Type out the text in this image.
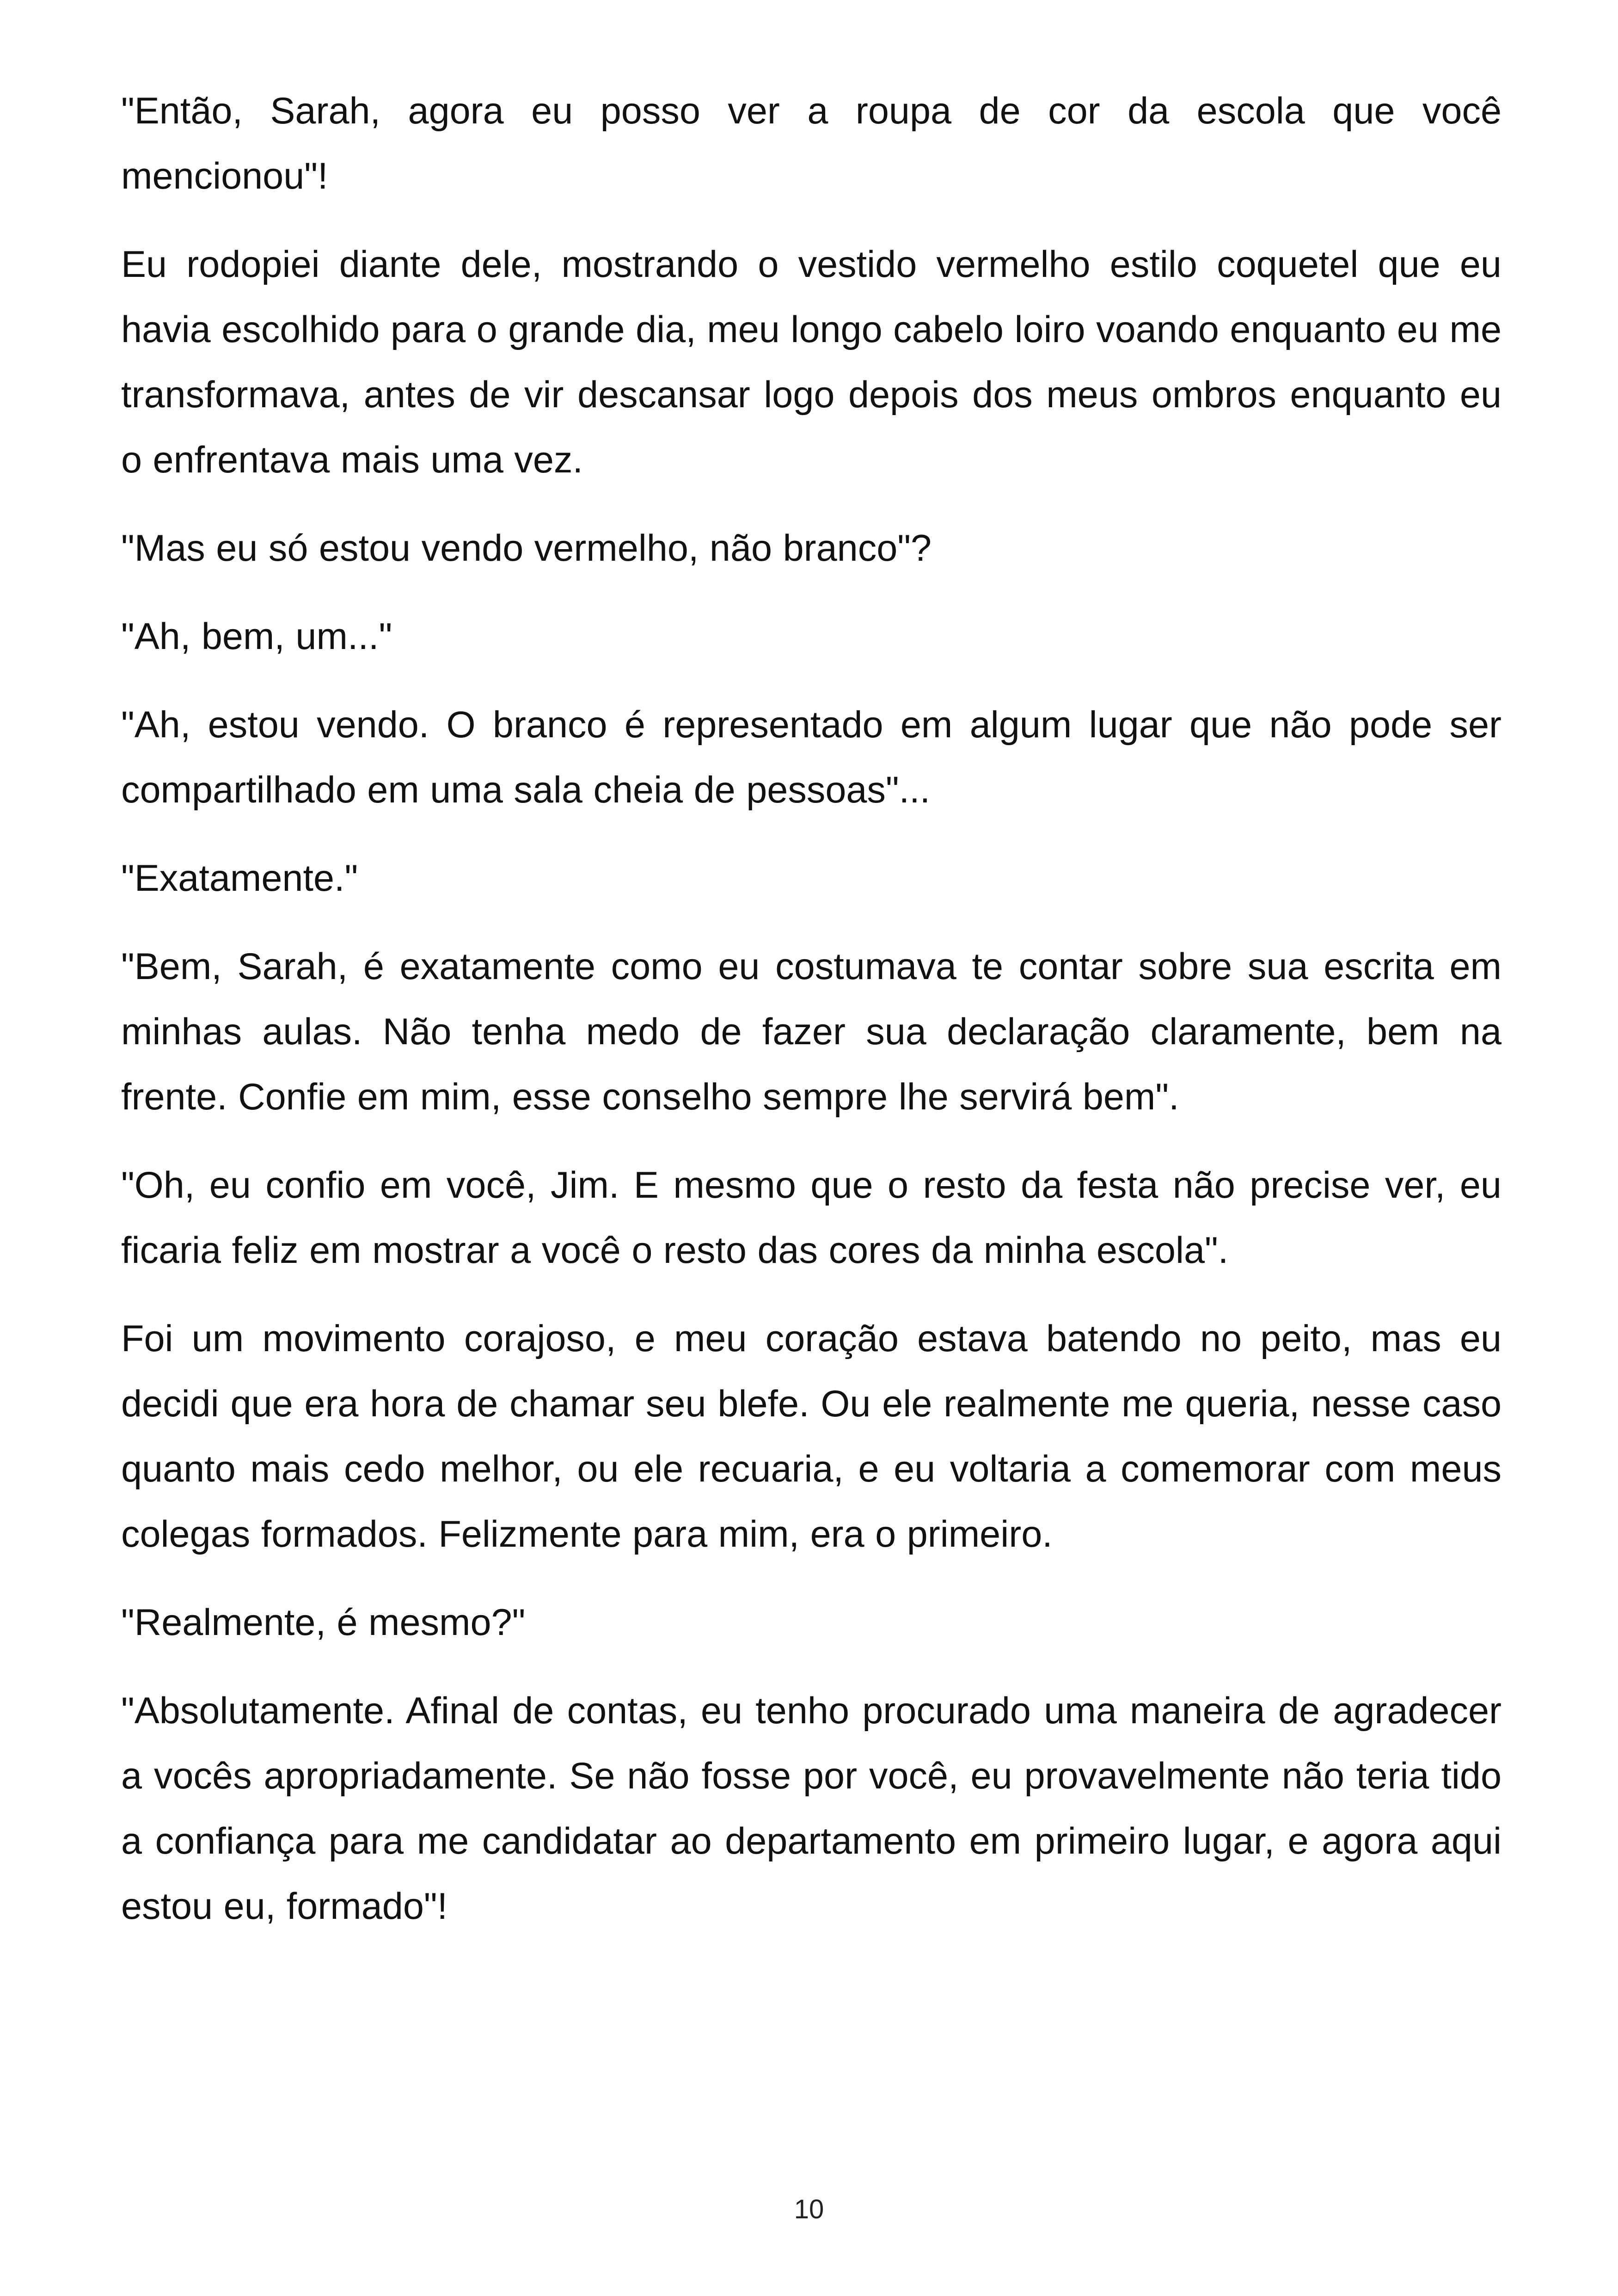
"Então, Sarah, agora eu posso ver a roupa de cor da escola que você mencionou"!

Eu rodopiei diante dele, mostrando o vestido vermelho estilo coquetel que eu havia escolhido para o grande dia, meu longo cabelo loiro voando enquanto eu me transformava, antes de vir descansar logo depois dos meus ombros enquanto eu o enfrentava mais uma vez.

"Mas eu só estou vendo vermelho, não branco"?

"Ah, bem, um..."

"Ah, estou vendo. O branco é representado em algum lugar que não pode ser compartilhado em uma sala cheia de pessoas"...

"Exatamente."

"Bem, Sarah, é exatamente como eu costumava te contar sobre sua escrita em minhas aulas. Não tenha medo de fazer sua declaração claramente, bem na frente. Confie em mim, esse conselho sempre lhe servirá bem".

"Oh, eu confio em você, Jim. E mesmo que o resto da festa não precise ver, eu ficaria feliz em mostrar a você o resto das cores da minha escola".

Foi um movimento corajoso, e meu coração estava batendo no peito, mas eu decidi que era hora de chamar seu blefe. Ou ele realmente me queria, nesse caso quanto mais cedo melhor, ou ele recuaria, e eu voltaria a comemorar com meus colegas formados. Felizmente para mim, era o primeiro.

"Realmente, é mesmo?"

"Absolutamente. Afinal de contas, eu tenho procurado uma maneira de agradecer a vocês apropriadamente. Se não fosse por você, eu provavelmente não teria tido a confiança para me candidatar ao departamento em primeiro lugar, e agora aqui estou eu, formado"!

10
